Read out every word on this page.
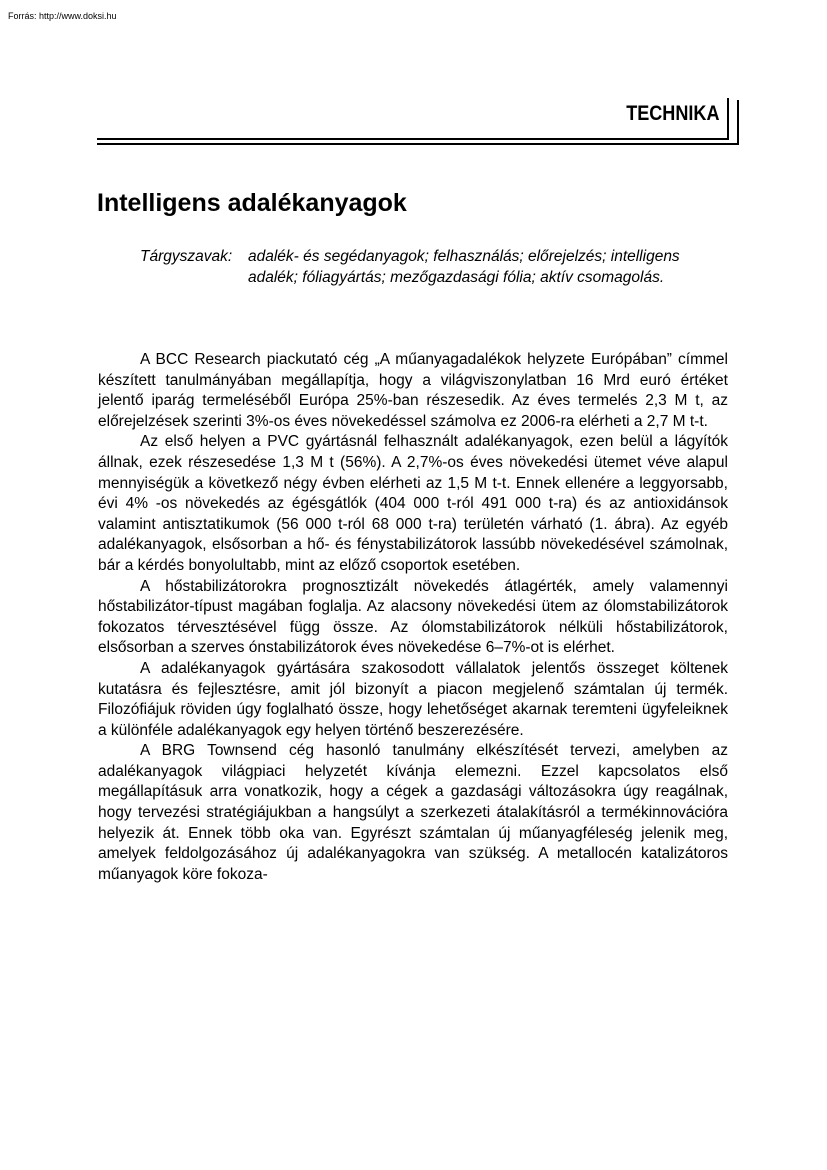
Forrás: http://www.doksi.hu
TECHNIKA
Intelligens adalékanyagok
Tárgyszavak:	adalék- és segédanyagok; felhasználás; előrejelzés; intelligens adalék; fóliagyártás; mezőgazdasági fólia; aktív csomagolás.

A BCC Research piackutató cég „A műanyagadalékok helyzete Európában” címmel készített tanulmányában megállapítja, hogy a világviszonylatban 16 Mrd euró értéket jelentő iparág termeléséből Európa 25%-ban részesedik. Az éves termelés 2,3 M t, az előrejelzések szerinti 3%-os éves növekedéssel számolva ez 2006-ra elérheti a 2,7 M t-t.

Az első helyen a PVC gyártásnál felhasznált adalékanyagok, ezen belül a lágyítók állnak, ezek részesedése 1,3 M t (56%). A 2,7%-os éves növekedési ütemet véve alapul mennyiségük a következő négy évben elérheti az 1,5 M t-t. Ennek ellenére a leggyorsabb, évi 4% -os növekedés az égésgátlók (404 000 t-ról 491 000 t-ra) és az antioxidánsok valamint antisztatikumok (56 000 t-ról 68 000 t-ra) területén várható (1. ábra). Az egyéb adalékanyagok, elsősorban a hő- és fénystabilizátorok lassúbb növekedésével számolnak, bár a kérdés bonyolultabb, mint az előző csoportok esetében.

A hőstabilizátorokra prognosztizált növekedés átlagérték, amely valamennyi hőstabilizátor-típust magában foglalja. Az alacsony növekedési ütem az ólomstabilizátorok fokozatos térvesztésével függ össze. Az ólomstabilizátorok nélküli hőstabilizátorok, elsősorban a szerves ónstabilizátorok éves növekedése 6–7%-ot is elérhet.

A adalékanyagok gyártására szakosodott vállalatok jelentős összeget költenek kutatásra és fejlesztésre, amit jól bizonyít a piacon megjelenő számtalan új termék. Filozófiájuk röviden úgy foglalható össze, hogy lehetőséget akarnak teremteni ügyfeleiknek a különféle adalékanyagok egy helyen történő beszerezésére.

A BRG Townsend cég hasonló tanulmány elkészítését tervezi, amelyben az adalékanyagok világpiaci helyzetét kívánja elemezni. Ezzel kapcsolatos első megállapításuk arra vonatkozik, hogy a cégek a gazdasági változásokra úgy reagálnak, hogy tervezési stratégiájukban a hangsúlyt a szerkezeti átalakításról a termékinnovációra helyezik át. Ennek több oka van. Egyrészt számtalan új műanyagféleség jelenik meg, amelyek feldolgozásához új adalékanyagokra van szükség. A metallocén katalizátoros műanyagok köre fokoza-
